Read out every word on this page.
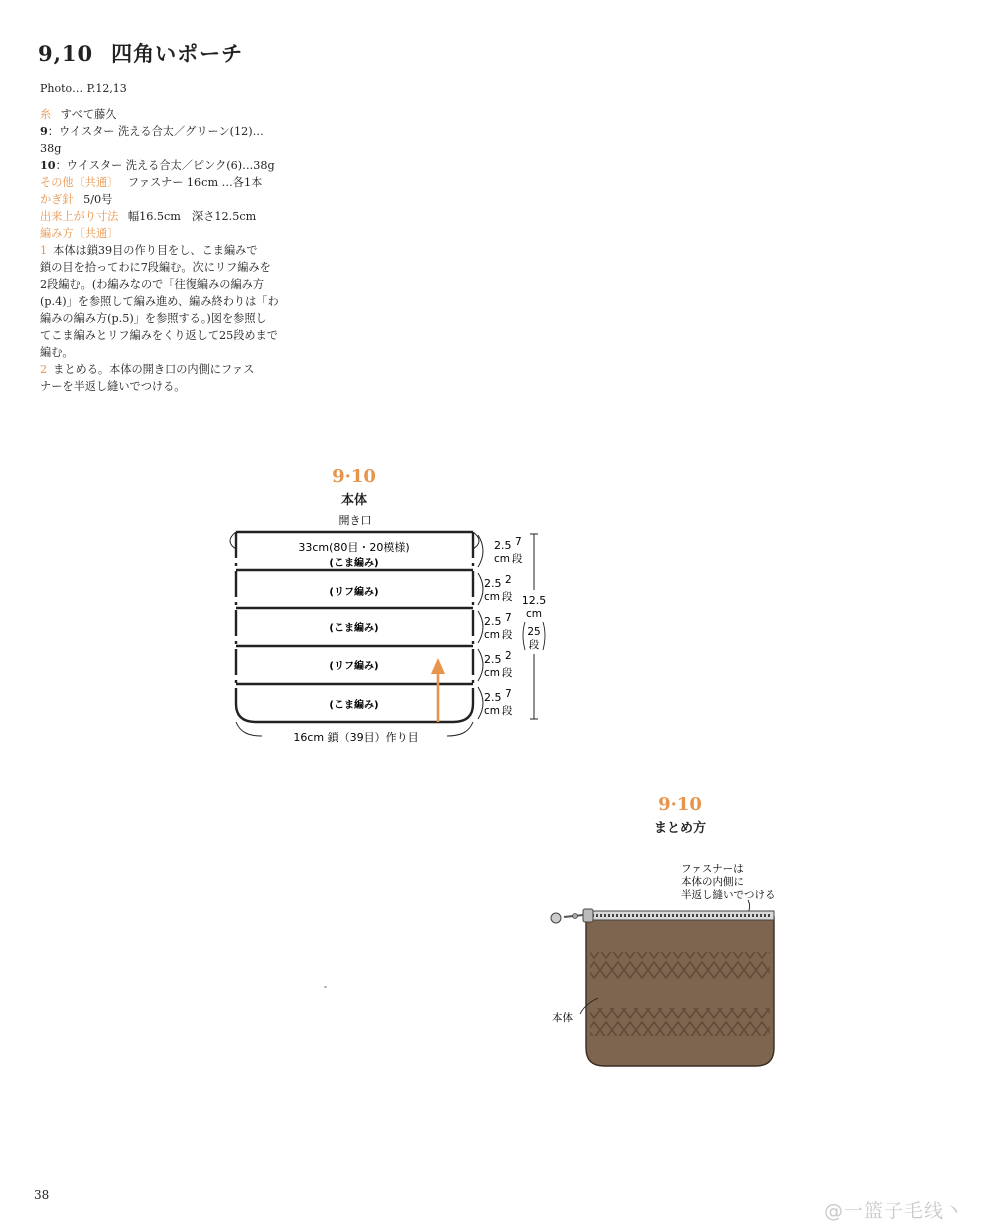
9,10 四角いポーチ
Photo… P.12,13
糸 すべて藤久
9：ウイスター 洗える合太／グリーン(12)…
38g
10：ウイスター 洗える合太／ピンク(6)…38g
その他〔共通〕 ファスナー 16cm …各1本
かぎ針 5/0号
出来上がり寸法 幅16.5cm　深さ12.5cm
編み方〔共通〕
1 本体は鎖39目の作り目をし、こま編みで
鎖の目を拾ってわに7段編む。次にリフ編みを
2段編む。(わ編みなので「往復編みの編み方
(p.4)」を参照して編み進め、編み終わりは「わ
編みの編み方(p.5)」を参照する。)図を参照し
てこま編みとリフ編みをくり返して25段めまで
編む。
2 まとめる。本体の開き口の内側にファス
ナーを半返し縫いでつける。
9·10
本体
開き口
33cm(80目・20模様)
(こま編み)
(リフ編み)
(こま編み)
(リフ編み)
(こま編み)
16cm 鎖（39目）作り目
2.5 7
cm 段
2.5 2
cm 段
2.5 7
cm 段
2.5 2
cm 段
2.5 7
cm 段
12.5
cm
25
段
9·10
まとめ方
ファスナーは
本体の内側に
半返し縫いでつける
本体
38
@一篮子毛线丶
